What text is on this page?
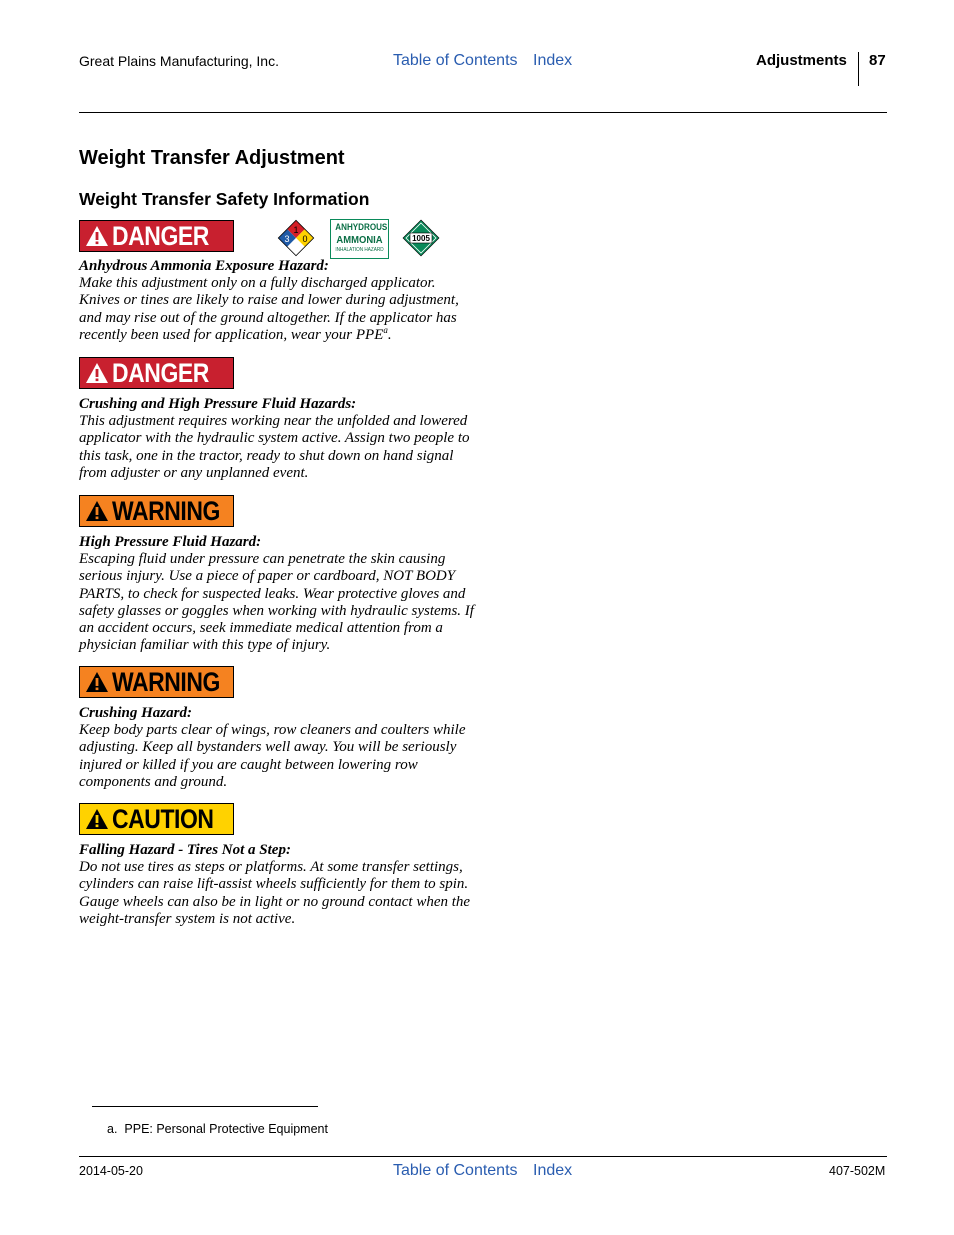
Great Plains Manufacturing, Inc.	Table of Contents Index	Adjustments 87
Weight Transfer Adjustment
Weight Transfer Safety Information
DANGER	1
3 0
ANHYDROUS
AMMONIA
INHALATION HAZARD
1005
Anhydrous Ammonia Exposure Hazard:

Make this adjustment only on a fully discharged applicator. Knives or tines are likely to raise and lower during adjustment, and may rise out of the ground altogether. If the applicator has recently been used for application, wear your PPE$^a$.

DANGER
Crushing and High Pressure Fluid Hazards:

This adjustment requires working near the unfolded and lowered applicator with the hydraulic system active. Assign two people to this task, one in the tractor, ready to shut down on hand signal from adjuster or any unplanned event.

WARNING
High Pressure Fluid Hazard:

Escaping fluid under pressure can penetrate the skin causing serious injury. Use a piece of paper or cardboard, NOT BODY PARTS, to check for suspected leaks. Wear protective gloves and safety glasses or goggles when working with hydraulic systems. If an accident occurs, seek immediate medical attention from a physician familiar with this type of injury.

WARNING
Crushing Hazard:

Keep body parts clear of wings, row cleaners and coulters while adjusting. Keep all bystanders well away. You will be seriously injured or killed if you are caught between lowering row components and ground.

CAUTION
Falling Hazard - Tires Not a Step:

Do not use tires as steps or platforms. At some transfer settings, cylinders can raise lift-assist wheels sufficiently for them to spin. Gauge wheels can also be in light or no ground contact when the weight-transfer system is not active.

a. PPE: Personal Protective Equipment
2014-05-20	Table of Contents Index	407-502M
